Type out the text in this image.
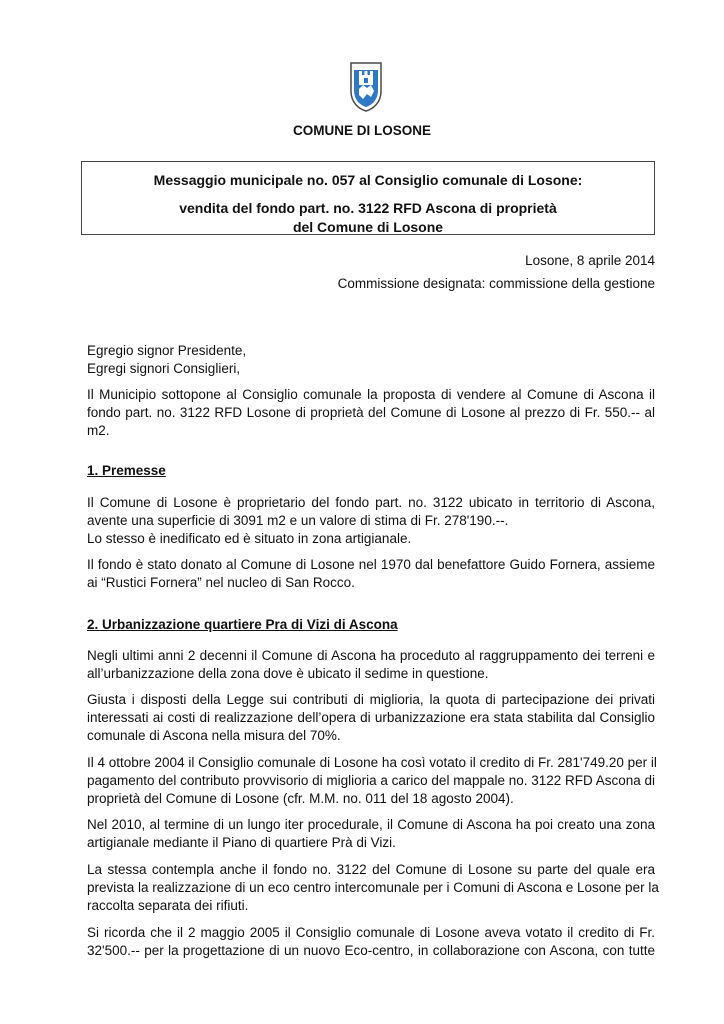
COMUNE DI LOSONE
Messaggio municipale no. 057 al Consiglio comunale di Losone:
vendita del fondo part. no. 3122 RFD Ascona di proprietà
del Comune di Losone
Losone, 8 aprile 2014
Commissione designata: commissione della gestione
Egregio signor Presidente,
Egregi signori Consiglieri,
Il Municipio sottopone al Consiglio comunale la proposta di vendere al Comune di Ascona il
fondo part. no. 3122 RFD Losone di proprietà del Comune di Losone al prezzo di Fr. 550.-- al
m2.
1. Premesse
Il Comune di Losone è proprietario del fondo part. no. 3122 ubicato in territorio di Ascona,
avente una superficie di 3091 m2 e un valore di stima di Fr. 278'190.--.
Lo stesso è inedificato ed è situato in zona artigianale.
Il fondo è stato donato al Comune di Losone nel 1970 dal benefattore Guido Fornera, assieme
ai “Rustici Fornera” nel nucleo di San Rocco.
2. Urbanizzazione quartiere Pra di Vizi di Ascona
Negli ultimi anni 2 decenni il Comune di Ascona ha proceduto al raggruppamento dei terreni e
all’urbanizzazione della zona dove è ubicato il sedime in questione.
Giusta i disposti della Legge sui contributi di miglioria, la quota di partecipazione dei privati
interessati ai costi di realizzazione dell’opera di urbanizzazione era stata stabilita dal Consiglio
comunale di Ascona nella misura del 70%.
Il 4 ottobre 2004 il Consiglio comunale di Losone ha così votato il credito di Fr. 281'749.20 per il
pagamento del contributo provvisorio di miglioria a carico del mappale no. 3122 RFD Ascona di
proprietà del Comune di Losone (cfr. M.M. no. 011 del 18 agosto 2004).
Nel 2010, al termine di un lungo iter procedurale, il Comune di Ascona ha poi creato una zona
artigianale mediante il Piano di quartiere Prà di Vizi.
La stessa contempla anche il fondo no. 3122 del Comune di Losone su parte del quale era
prevista la realizzazione di un eco centro intercomunale per i Comuni di Ascona e Losone per la
raccolta separata dei rifiuti.
Si ricorda che il 2 maggio 2005 il Consiglio comunale di Losone aveva votato il credito di Fr.
32'500.-- per la progettazione di un nuovo Eco-centro, in collaborazione con Ascona, con tutte
